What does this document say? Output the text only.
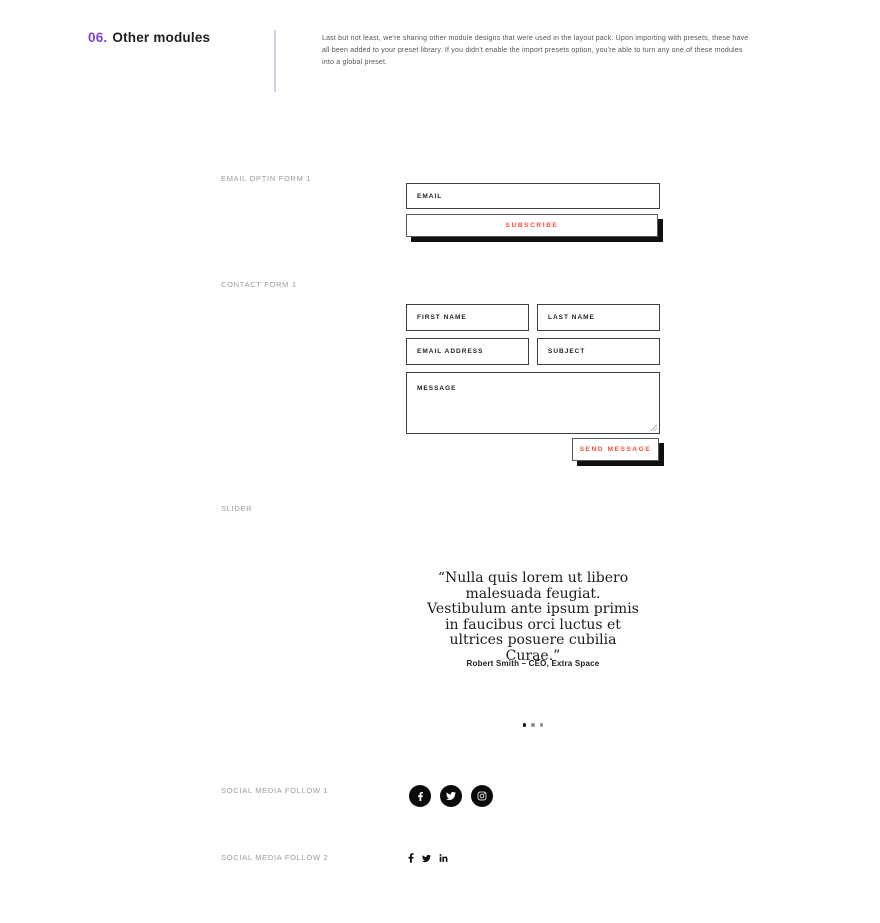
06. Other modules	Last but not least, we're sharing other module designs that were used in the layout pack. Upon importing with presets, these have all been added to your preset library. If you didn't enable the import presets option, you're able to turn any one of these modules into a global preset.
EMAIL OPTIN FORM 1
EMAIL
SUBSCRIBE
CONTACT FORM 1
FIRST NAME
LAST NAME
EMAIL ADDRESS
SUBJECT
MESSAGE
SEND MESSAGE
SLIDER
“Nulla quis lorem ut libero malesuada feugiat. Vestibulum ante ipsum primis in faucibus orci luctus et ultrices posuere cubilia Curae.”
Robert Smith – CEO, Extra Space
SOCIAL MEDIA FOLLOW 1
SOCIAL MEDIA FOLLOW 2
